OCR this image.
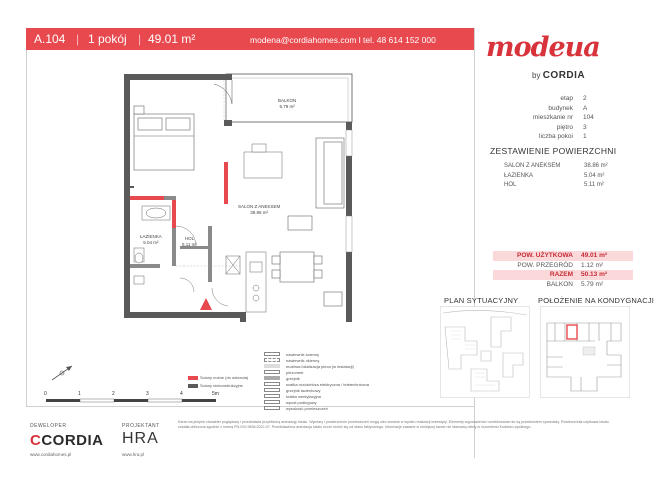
A.104 | 1 pokój | 49.01 m²	modena@cordiahomes.com l tel. 48 614 152 000 modeua
by CORDIA
etap	2
budynek	A
mieszkanie nr	104
piętro	3
liczba pokoi	1
ZESTAWIENIE POWIERZCHNI
SALON Z ANEKSEM	38.86 m²
ŁAZIENKA	5.04 m²
HOL	5.11 m²
POW. UŻYTKOWA	49.01 m²
POW. PRZEGRÓD	1.12 m²
RAZEM	50.13 m²
BALKON	5.79 m²
PLAN SYTUACYJNY	POŁOŻENIE NA KONDYGNACJI
BALKON
5.79 m²
SALON Z ANEKSEM
38.86 m²
ŁAZIENKA
5.04 m²
HOL
5.11 m²
Ściany nośne (do wierania)
Ściany niekonstrukcyjne
nawiewnik ścienny
nawiewnik okienny
możliwa lokalizacja pieca (w instalacji)
piezometr
grzejnik
szafka rozdzielcza elektryczna / teletechniczna
grzejnik łazienkowy
kratka wentylacyjna
wpust podłogowy
wysokość pomieszczeń
0	1	2	3	4	5m
DEWELOPER	PROJEKTANT
CCORDIA HRA
www.cordiahomes.pl	www.hra.pl
Karta ma jedynie charakter poglądowy i przedstawia przybliżoną aranżację lokalu. Wymiary i powierzchnie pomieszczeń mogą ulec zmianie w wyniku realizacji inwestycji. Elementy wyposażenia i umeblowania nie są przedmiotem sprzedaży. Powierzchnia użytkowa lokalu została obliczona zgodnie z normą PN-ISO 9836:2022-07. Przedstawiona aranżacja lokalu może różnić się od stanu faktycznego. Informacje zawarte w niniejszej karcie nie stanowią oferty w rozumieniu Kodeksu cywilnego.
